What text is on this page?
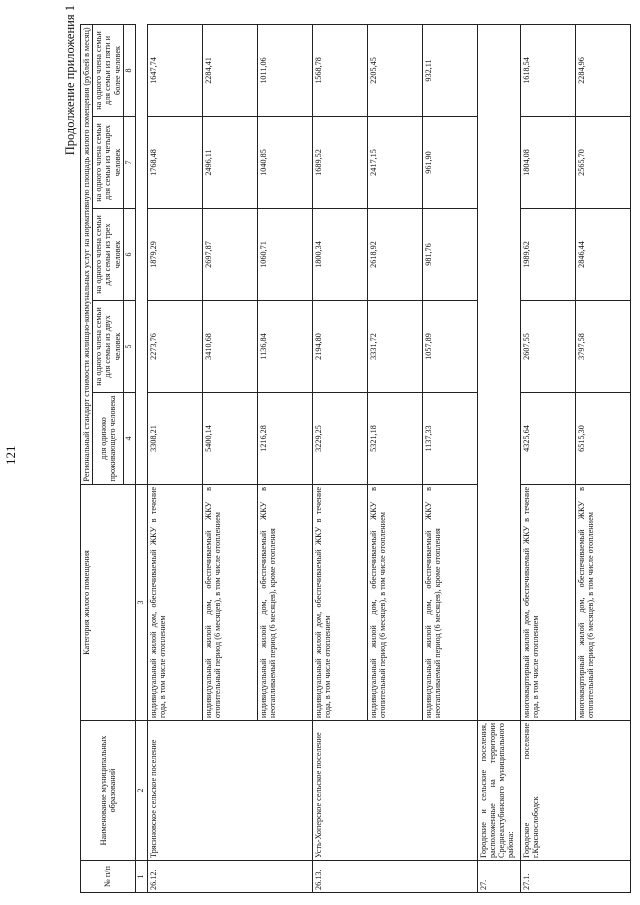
121
Продолжение приложения 1
№ п/п	Наименование муниципальных образований	Категория жилого помещения	Региональный стандарт стоимости жилищно-коммунальных услуг на нормативную площадь жилого помещения (рублей в месяц)				
			для одиноко проживающего человека	на одного члена семьи для семьи из двух человек	на одного члена семьи для семьи из трех человек	на одного члена семьи для семьи из четырех человек	на одного члена семьи для семьи из пяти и более человек
			4	5	6	7	8
1	2	3					
26.12.	Трясиновское сельское поселение	индивидуальный жилой дом, обеспечиваемый ЖКУ в течение года, в том числе отоплением	3308,21	2273,76	1879,29	1768,48	1647,74
		индивидуальный жилой дом, обеспечиваемый ЖКУ в отопительный период (6 месяцев), в том числе отоплением	5400,14	3410,68	2697,87	2496,11	2284,41
		индивидуальный жилой дом, обеспечиваемый ЖКУ в неотапливаемый период (6 месяцев), кроме отопления	1216,28	1136,84	1060,71	1040,85	1011,06
26.13.	Усть-Хоперское сельское поселение	индивидуальный жилой дом, обеспечиваемый ЖКУ в течение года, в том числе отоплением	3229,25	2194,80	1800,34	1689,52	1568,78
		индивидуальный жилой дом, обеспечиваемый ЖКУ в отопительный период (6 месяцев), в том числе отоплением	5321,18	3331,72	2618,92	2417,15	2205,45
		индивидуальный жилой дом, обеспечиваемый ЖКУ в неотапливаемый период (6 месяцев), кроме отопления	1137,33	1057,89	981,76	961,90	932,11
27.	Городские и сельские поселения, расположенные на территории Среднеахтубинского муниципального района:						
27.1.	Городское поселение г.Краснослободск	многоквартирный жилой дом, обеспечиваемый ЖКУ в течение года, в том числе отоплением	4325,64	2607,55	1989,62	1804,08	1618,54
		многоквартирный жилой дом, обеспечиваемый ЖКУ в отопительный период (6 месяцев), в том числе отоплением	6515,30	3797,58	2846,44	2565,70	2284,96
